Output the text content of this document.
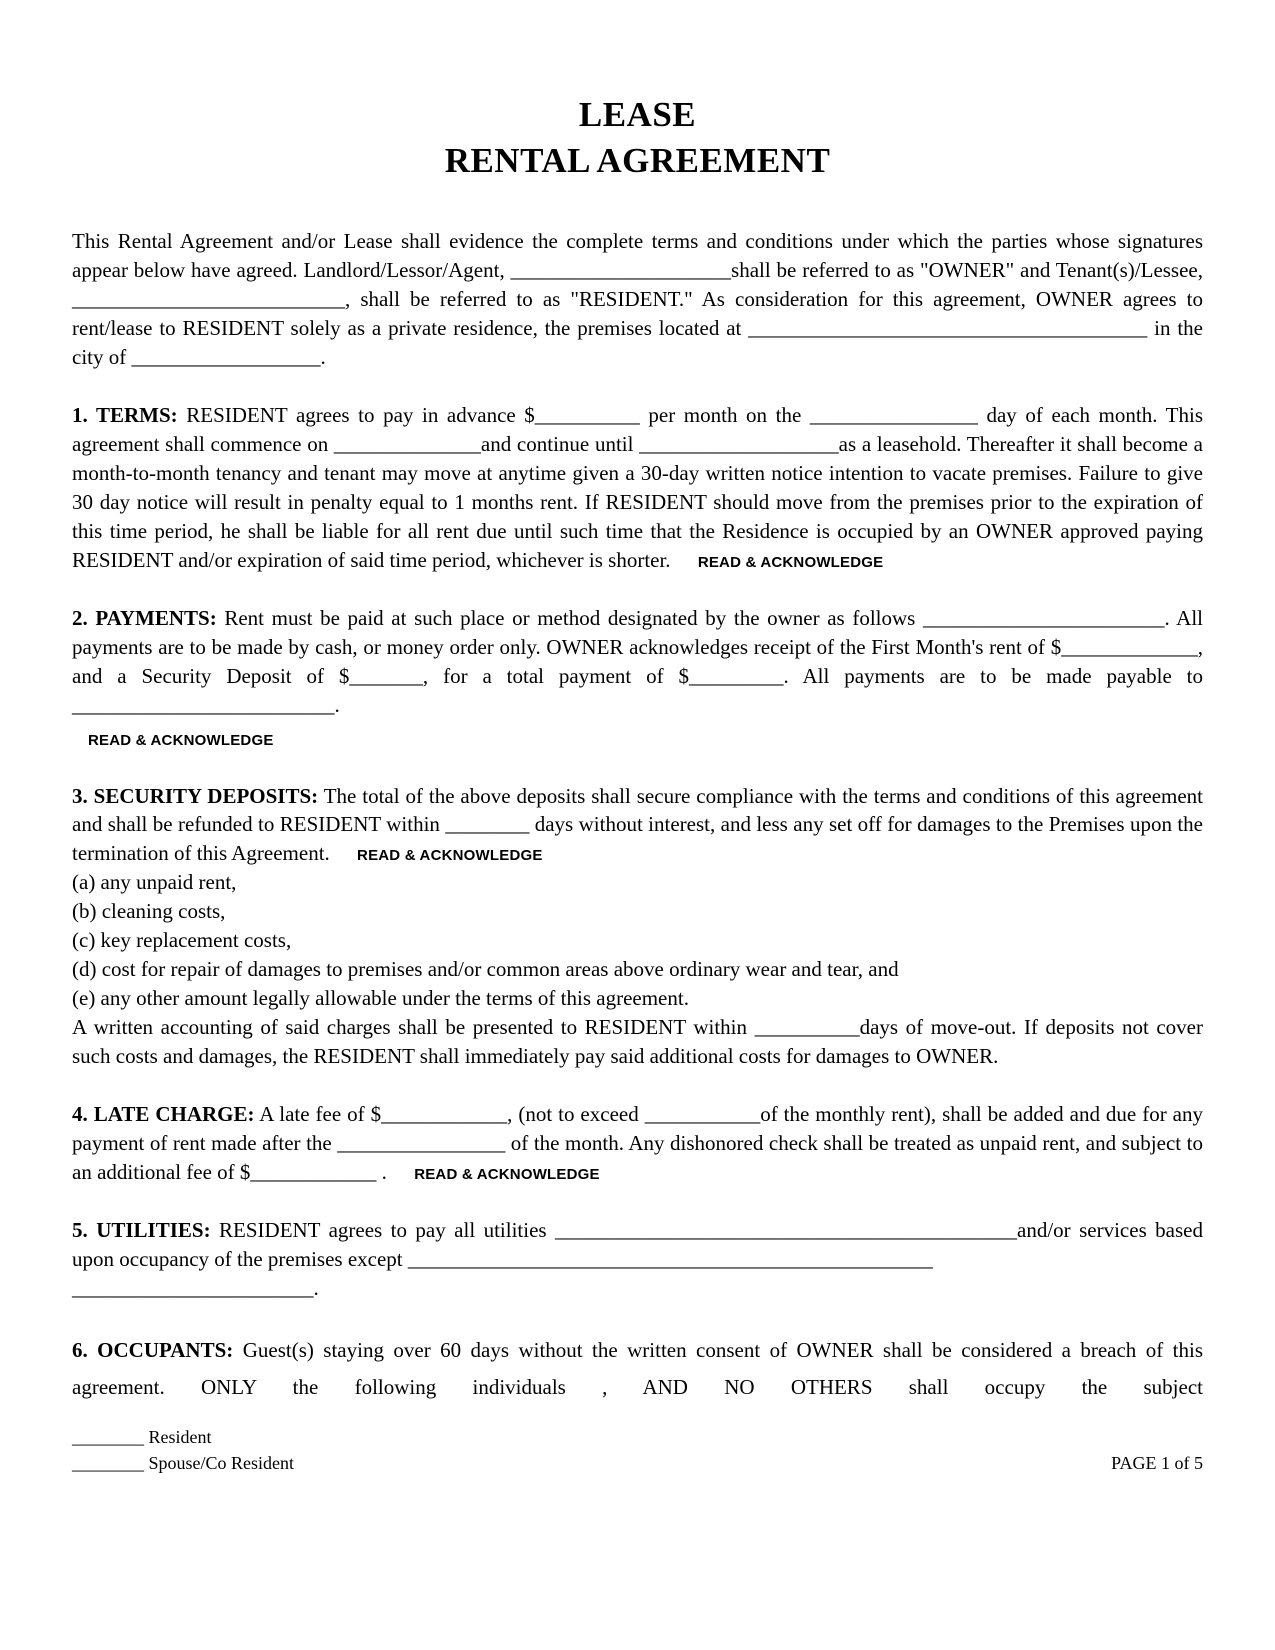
LEASE
RENTAL AGREEMENT
This Rental Agreement and/or Lease shall evidence the complete terms and conditions under which the parties whose signatures appear below have agreed. Landlord/Lessor/Agent, _____________________shall be referred to as "OWNER" and Tenant(s)/Lessee, __________________________, shall be referred to as "RESIDENT." As consideration for this agreement, OWNER agrees to rent/lease to RESIDENT solely as a private residence, the premises located at ______________________________________ in the city of __________________.
1. TERMS: RESIDENT agrees to pay in advance $__________ per month on the ________________ day of each month. This agreement shall commence on ______________and continue until ___________________as a leasehold. Thereafter it shall become a month-to-month tenancy and tenant may move at anytime given a 30-day written notice intention to vacate premises. Failure to give 30 day notice will result in penalty equal to 1 months rent. If RESIDENT should move from the premises prior to the expiration of this time period, he shall be liable for all rent due until such time that the Residence is occupied by an OWNER approved paying RESIDENT and/or expiration of said time period, whichever is shorter. READ & ACKNOWLEDGE
2. PAYMENTS: Rent must be paid at such place or method designated by the owner as follows _______________________. All payments are to be made by cash, or money order only. OWNER acknowledges receipt of the First Month's rent of $_____________, and a Security Deposit of $_______, for a total payment of $_________. All payments are to be made payable to _________________________.
READ & ACKNOWLEDGE
3. SECURITY DEPOSITS: The total of the above deposits shall secure compliance with the terms and conditions of this agreement and shall be refunded to RESIDENT within ________ days without interest, and less any set off for damages to the Premises upon the termination of this Agreement. READ & ACKNOWLEDGE
(a) any unpaid rent,
(b) cleaning costs,
(c) key replacement costs,
(d) cost for repair of damages to premises and/or common areas above ordinary wear and tear, and
(e) any other amount legally allowable under the terms of this agreement.
A written accounting of said charges shall be presented to RESIDENT within __________days of move-out. If deposits not cover such costs and damages, the RESIDENT shall immediately pay said additional costs for damages to OWNER.
4. LATE CHARGE: A late fee of $____________, (not to exceed ___________of the monthly rent), shall be added and due for any payment of rent made after the ________________ of the month. Any dishonored check shall be treated as unpaid rent, and subject to an additional fee of $____________ . READ & ACKNOWLEDGE
5. UTILITIES: RESIDENT agrees to pay all utilities ____________________________________________and/or services based upon occupancy of the premises except __________________________________________________
_______________________.
6. OCCUPANTS: Guest(s) staying over 60 days without the written consent of OWNER shall be considered a breach of this agreement. ONLY the following individuals , AND NO OTHERS shall occupy the subject
________ Resident
________ Spouse/Co Resident	PAGE 1 of 5
